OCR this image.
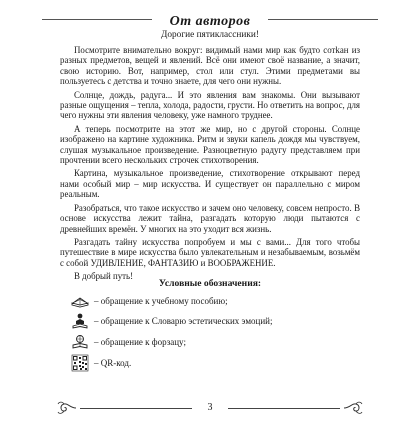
От авторов
Дорогие пятиклассники!

Посмотрите внимательно вокруг: видимый нами мир как будто сотkан из разных предметов, вещей и явлений. Всё они имеют своё название, а значит, свою историю. Вот, например, стол или стул. Этими предметами вы пользуетесь с детства и точно знаете, для чего они нужны.

Солнце, дождь, радуга... И это явления вам знакомы. Они вызывают разные ощущения – тепла, холода, радости, грусти. Но ответить на вопрос, для чего нужны эти явления человеку, уже намного труднее.

А теперь посмотрите на этот же мир, но с другой стороны. Солнце изображено на картине художника. Ритм и звуки капель дождя мы чувствуем, слушая музыкальное произведение. Разноцветную радугу представляем при прочтении всего нескольких строчек стихотворения.

Картина, музыкальное произведение, стихотворение открывают перед нами особый мир – мир искусства. И существует он параллельно с миром реальным.

Разобраться, что такое искусство и зачем оно человеку, совсем непросто. В основе искусства лежит тайна, разгадать которую люди пытаются с древнейших времён. У многих на это уходит вся жизнь.

Разгадать тайну искусства попробуем и мы с вами... Для того чтобы путешествие в мире искусства было увлекательным и незабываемым, возьмём с собой УДИВЛЕНИЕ, ФАНТАЗИЮ и ВООБРАЖЕНИЕ.

В добрый путь!

Условные обозначения:
– обращение к учебному пособию;
– обращение к Словарю эстетических эмоций;
– обращение к форзацу;
– QR-код.
3
